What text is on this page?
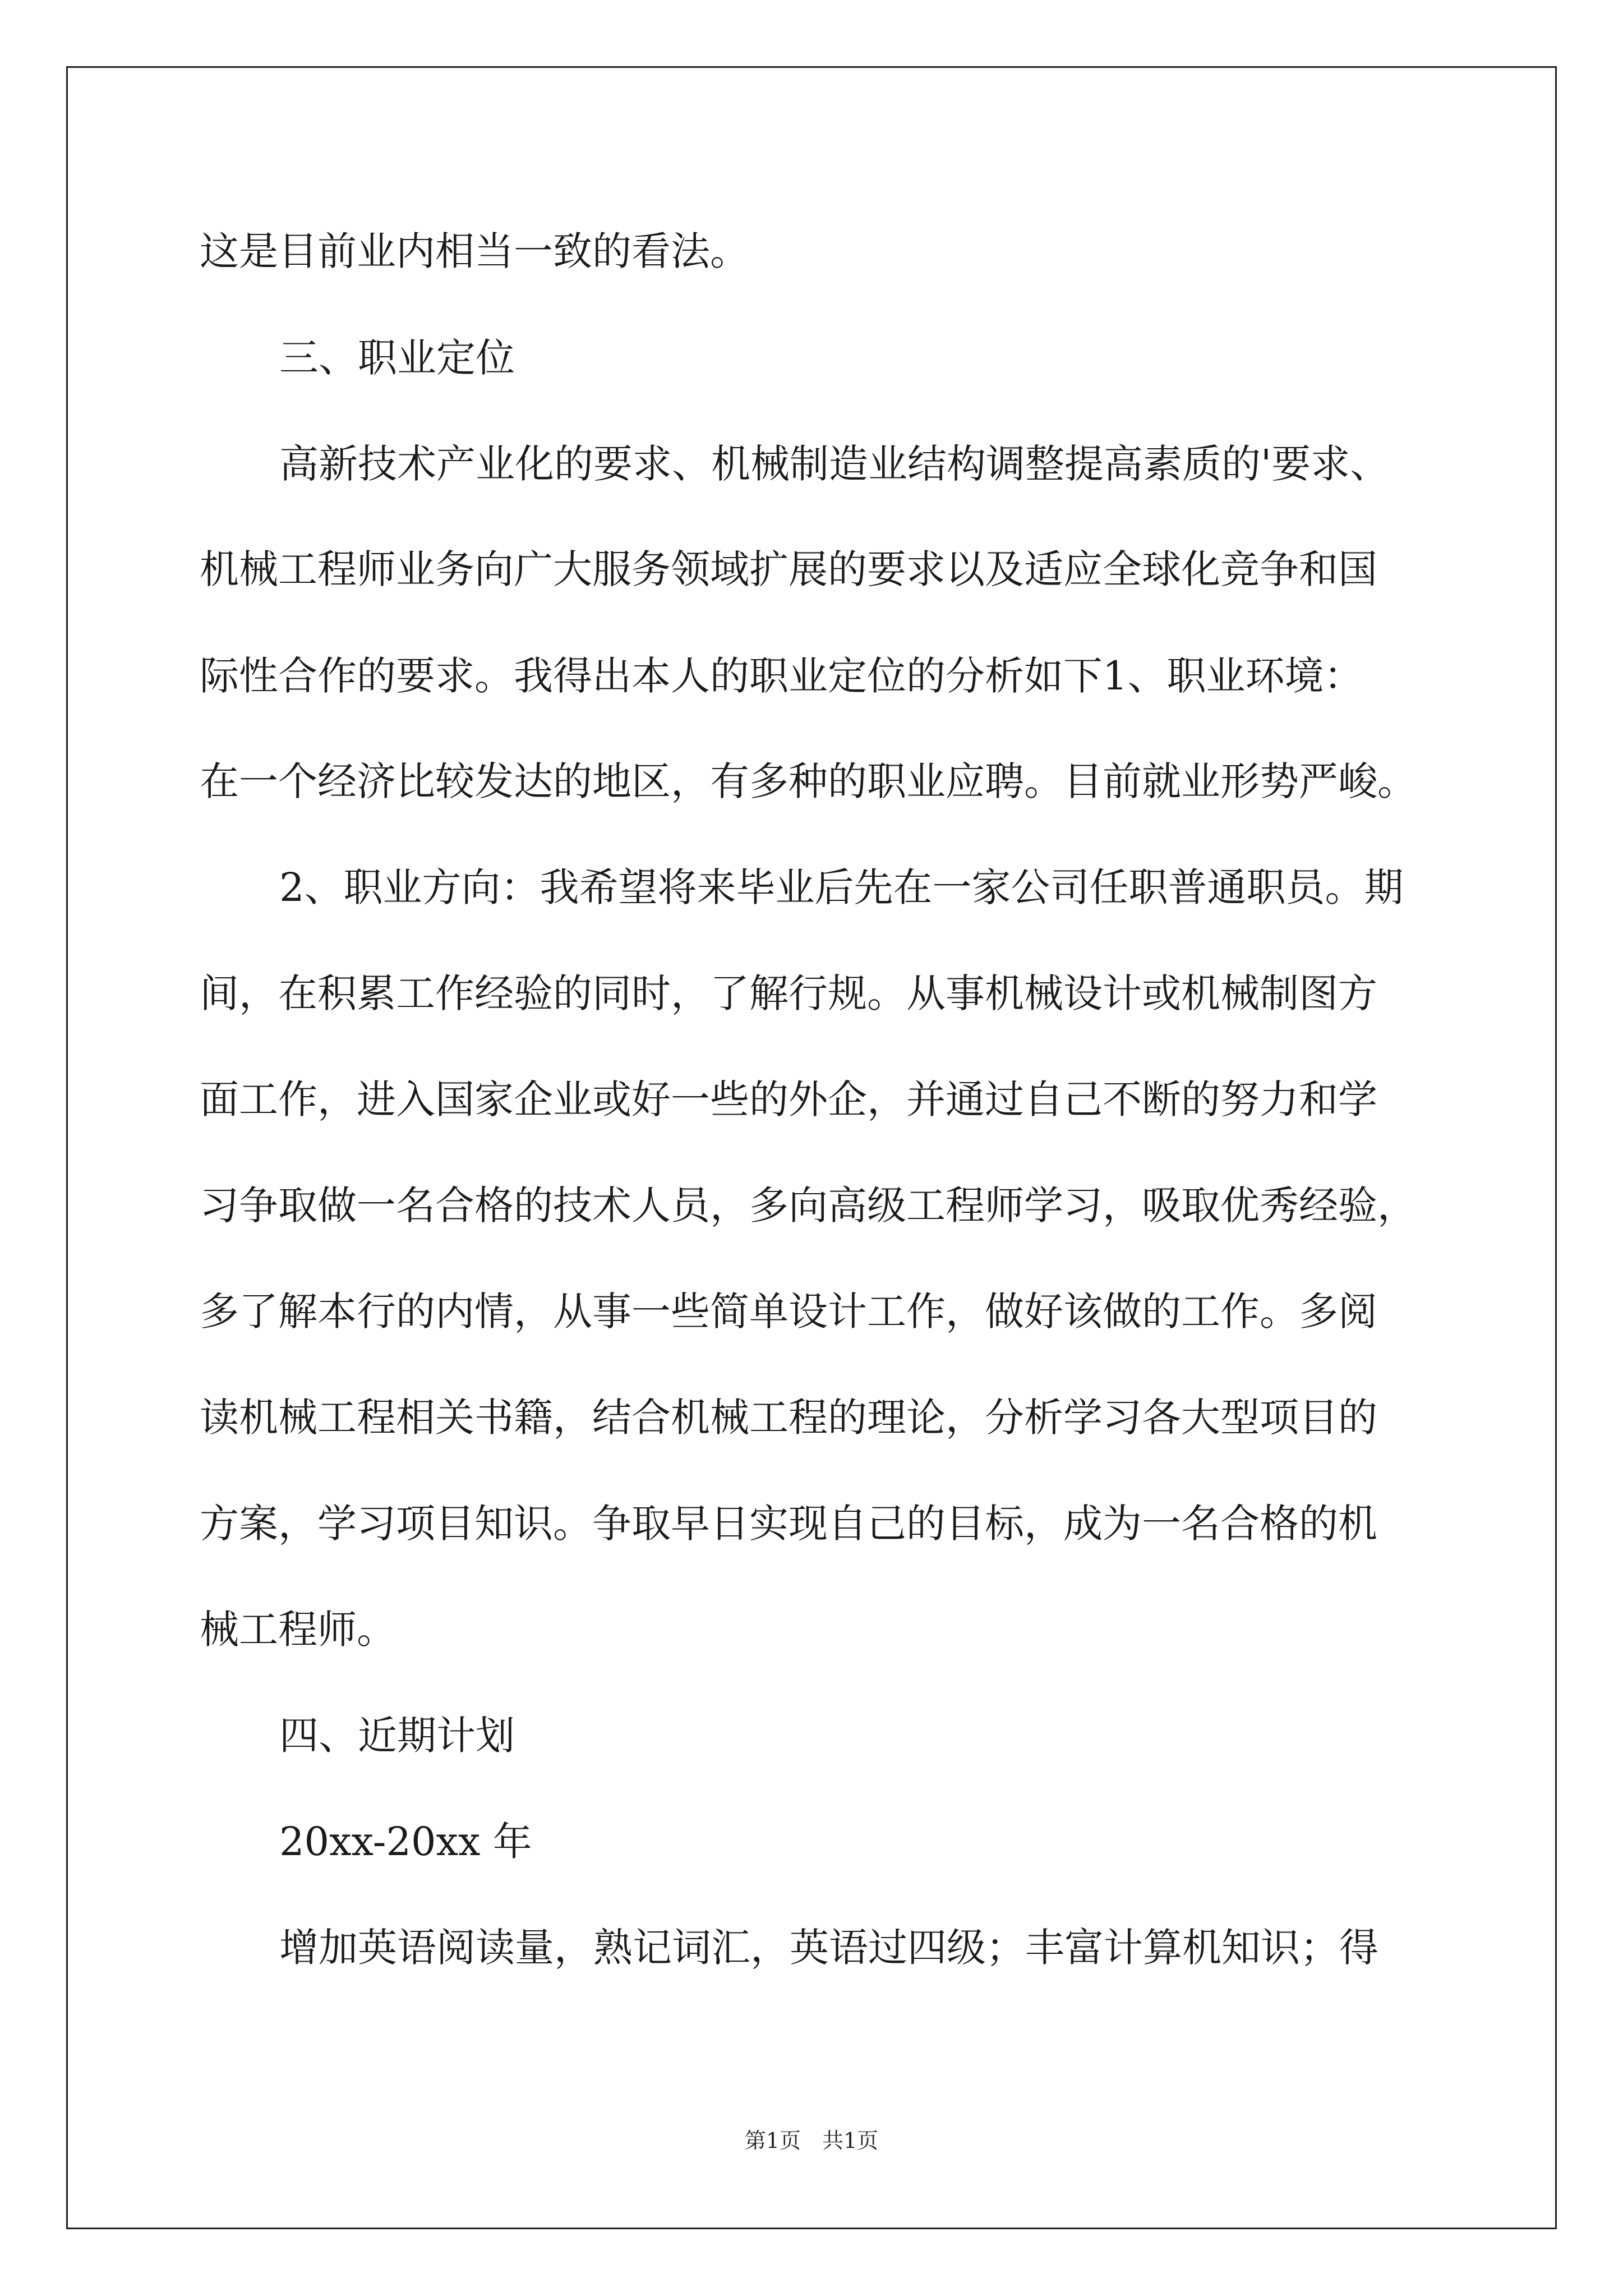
这是目前业内相当一致的看法。
三、职业定位
高新技术产业化的要求、机械制造业结构调整提高素质的'要求、
机械工程师业务向广大服务领域扩展的要求以及适应全球化竞争和国
际性合作的要求。我得出本人的职业定位的分析如下1、职业环境：
在一个经济比较发达的地区，有多种的职业应聘。目前就业形势严峻。
2、职业方向：我希望将来毕业后先在一家公司任职普通职员。期
间，在积累工作经验的同时，了解行规。从事机械设计或机械制图方
面工作，进入国家企业或好一些的外企，并通过自己不断的努力和学
习争取做一名合格的技术人员，多向高级工程师学习，吸取优秀经验，
多了解本行的内情，从事一些简单设计工作，做好该做的工作。多阅
读机械工程相关书籍，结合机械工程的理论，分析学习各大型项目的
方案，学习项目知识。争取早日实现自己的目标，成为一名合格的机
械工程师。
四、近期计划
20xx-20xx 年
增加英语阅读量，熟记词汇，英语过四级；丰富计算机知识；得
第1页　共1页
